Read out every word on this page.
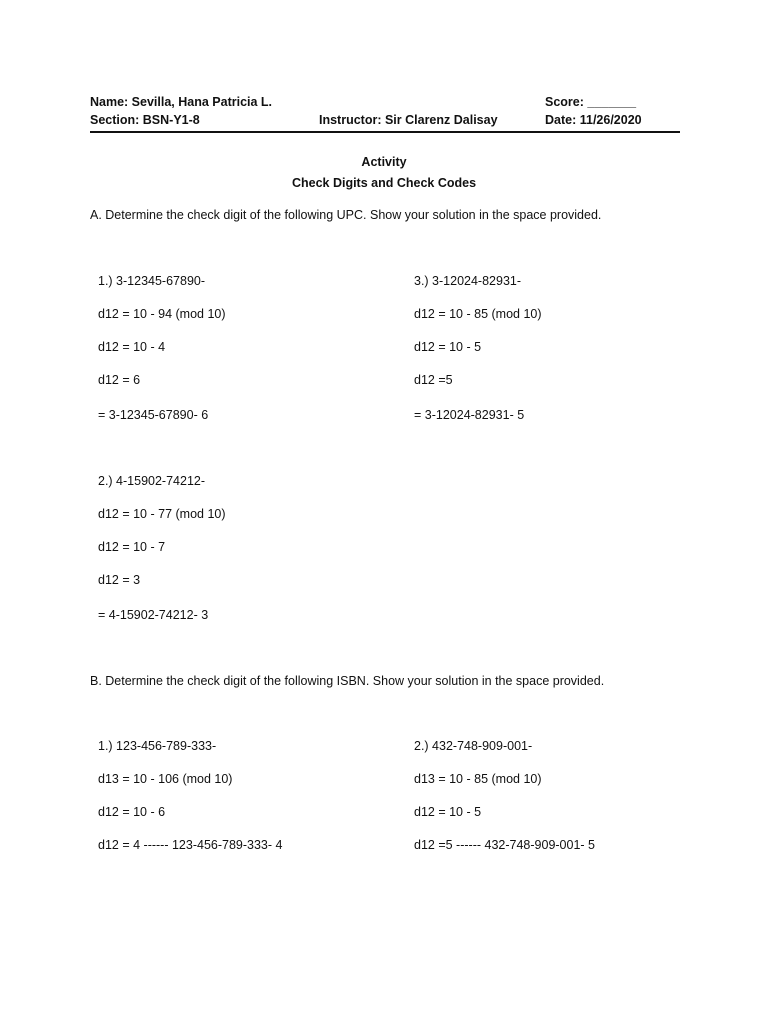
Name: Sevilla, Hana Patricia L.
Section: BSN-Y1-8	Instructor: Sir Clarenz Dalisay
Score: _______
Date: 11/26/2020
Activity
Check Digits and Check Codes
A. Determine the check digit of the following UPC. Show your solution in the space provided.
1.) 3-12345-67890-
d12 = 10 - 94 (mod 10)
d12 = 10 - 4
d12 = 6
= 3-12345-67890- 6
3.) 3-12024-82931-
d12 = 10 - 85 (mod 10)
d12 = 10 - 5
d12 =5
= 3-12024-82931- 5
2.) 4-15902-74212-
d12 = 10 - 77 (mod 10)
d12 = 10 - 7
d12 = 3
= 4-15902-74212- 3
B. Determine the check digit of the following ISBN. Show your solution in the space provided.
1.) 123-456-789-333-
d13 = 10 - 106 (mod 10)
d12 = 10 - 6
d12 = 4 ------ 123-456-789-333- 4
2.) 432-748-909-001-
d13 = 10 - 85 (mod 10)
d12 = 10 - 5
d12 =5 ------ 432-748-909-001- 5
